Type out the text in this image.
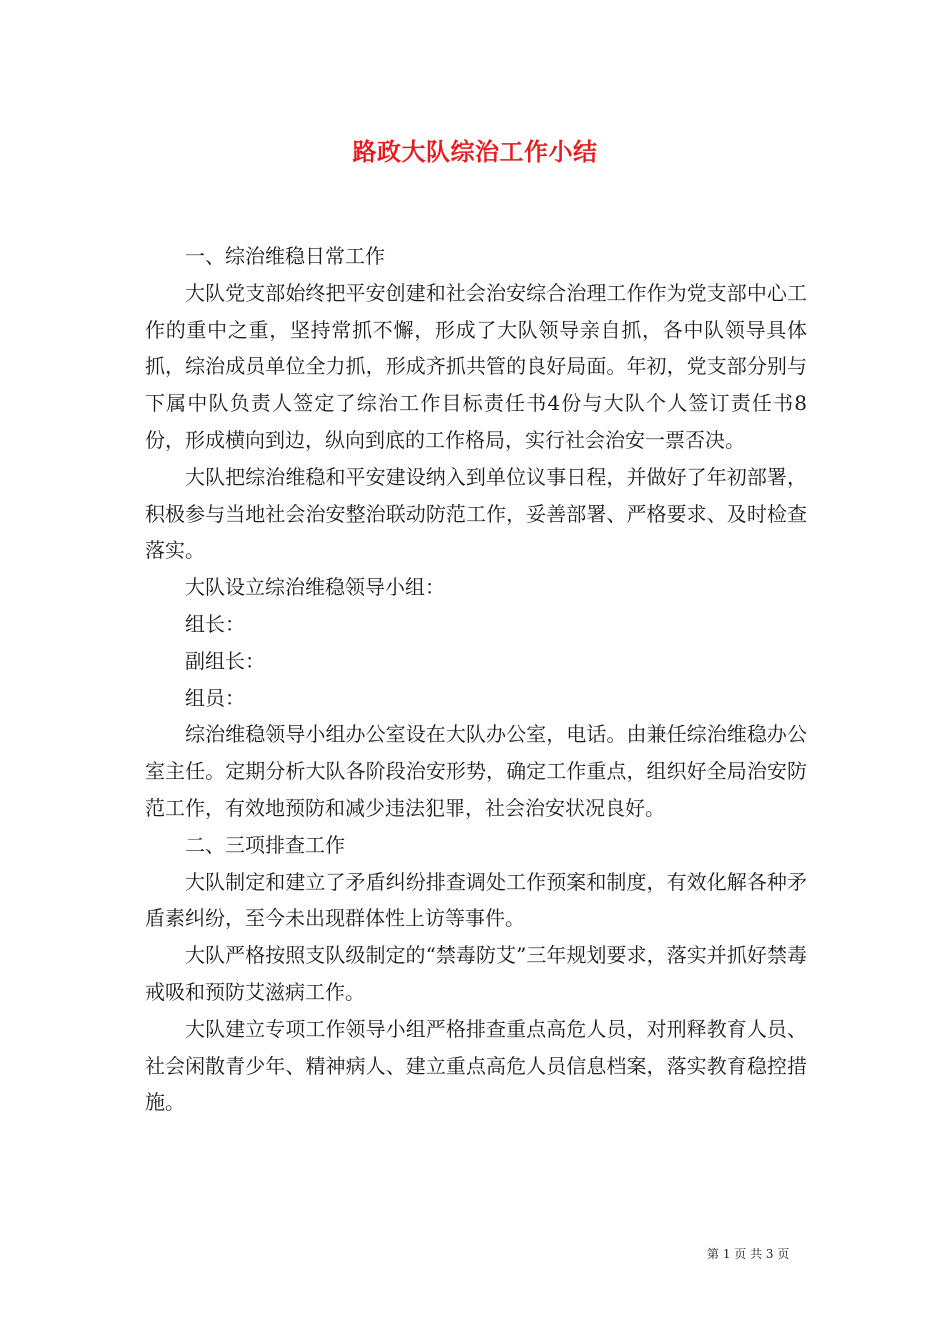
路政大队综治工作小结

一、综治维稳日常工作

大队党支部始终把平安创建和社会治安综合治理工作作为党支部中心工作的重中之重，坚持常抓不懈，形成了大队领导亲自抓，各中队领导具体抓，综治成员单位全力抓，形成齐抓共管的良好局面。年初，党支部分别与下属中队负责人签定了综治工作目标责任书4份与大队个人签订责任书8份，形成横向到边，纵向到底的工作格局，实行社会治安一票否决。

大队把综治维稳和平安建设纳入到单位议事日程，并做好了年初部署，积极参与当地社会治安整治联动防范工作，妥善部署、严格要求、及时检查落实。

大队设立综治维稳领导小组：

组长：

副组长：

组员：

综治维稳领导小组办公室设在大队办公室，电话。由兼任综治维稳办公室主任。定期分析大队各阶段治安形势，确定工作重点，组织好全局治安防范工作，有效地预防和减少违法犯罪，社会治安状况良好。

二、三项排查工作

大队制定和建立了矛盾纠纷排查调处工作预案和制度，有效化解各种矛盾素纠纷，至今未出现群体性上访等事件。

大队严格按照支队级制定的“禁毒防艾”三年规划要求，落实并抓好禁毒戒吸和预防艾滋病工作。

大队建立专项工作领导小组严格排查重点高危人员，对刑释教育人员、社会闲散青少年、精神病人、建立重点高危人员信息档案，落实教育稳控措施。

第 1 页 共 3 页
